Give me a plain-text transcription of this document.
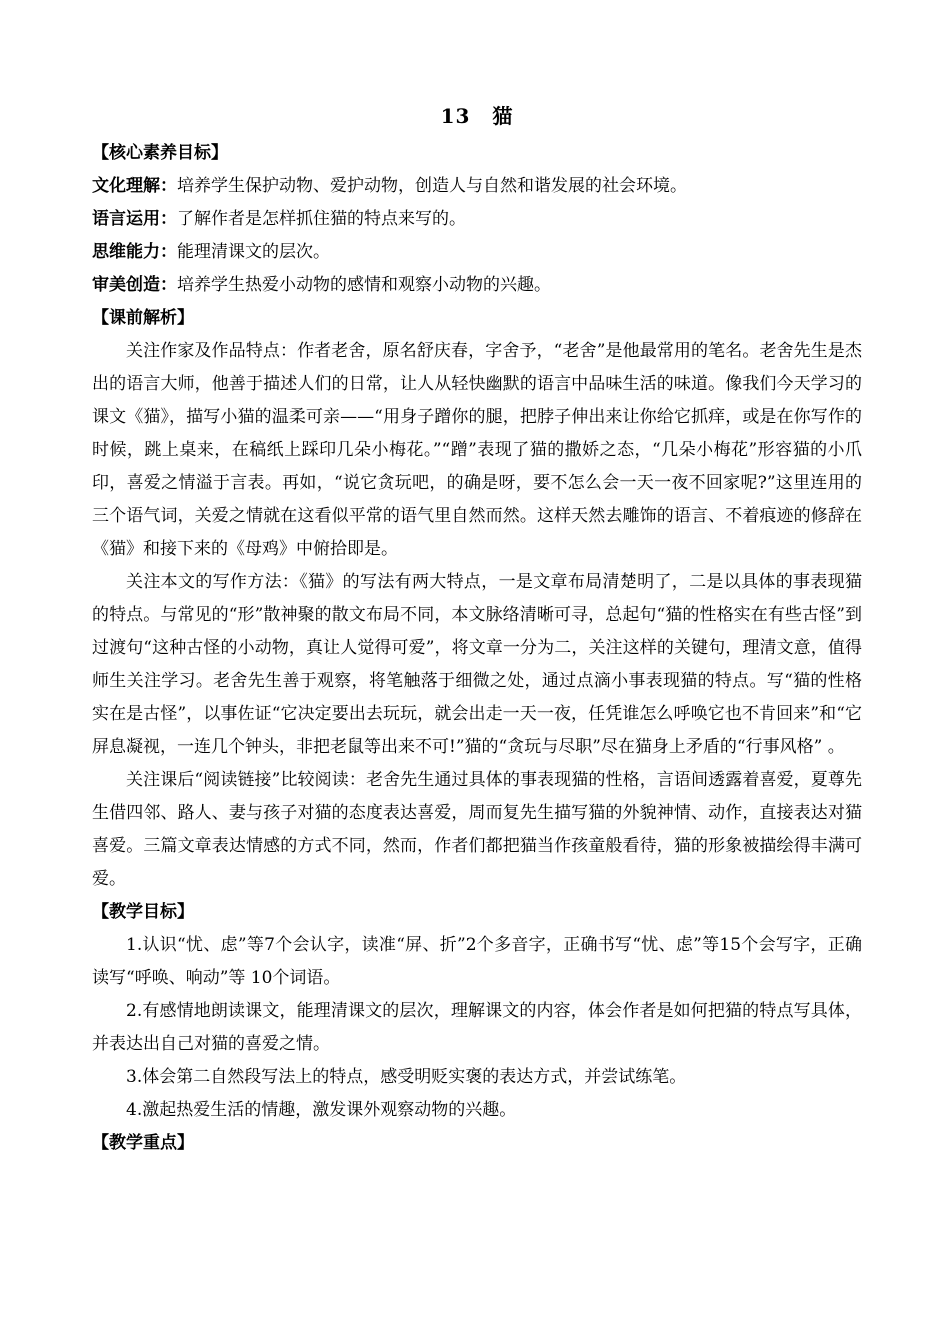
13 猫
【核心素养目标】
文化理解：培养学生保护动物、爱护动物，创造人与自然和谐发展的社会环境。
语言运用：了解作者是怎样抓住猫的特点来写的。
思维能力：能理清课文的层次。
审美创造：培养学生热爱小动物的感情和观察小动物的兴趣。
【课前解析】

关注作家及作品特点：作者老舍，原名舒庆春，字舍予，“老舍”是他最常用的笔名。老舍先生是杰出的语言大师，他善于描述人们的日常，让人从轻快幽默的语言中品味生活的味道。像我们今天学习的课文《猫》，描写小猫的温柔可亲——“用身子蹭你的腿，把脖子伸出来让你给它抓痒，或是在你写作的时候，跳上桌来，在稿纸上踩印几朵小梅花。”“蹭”表现了猫的撒娇之态，“几朵小梅花”形容猫的小爪印，喜爱之情溢于言表。再如，“说它贪玩吧，的确是呀，要不怎么会一天一夜不回家呢?”这里连用的三个语气词，关爱之情就在这看似平常的语气里自然而然。这样天然去雕饰的语言、不着痕迹的修辞在《猫》和接下来的《母鸡》中俯拾即是。

关注本文的写作方法：《猫》的写法有两大特点，一是文章布局清楚明了，二是以具体的事表现猫的特点。与常见的“形”散神聚的散文布局不同，本文脉络清晰可寻，总起句“猫的性格实在有些古怪”到过渡句“这种古怪的小动物，真让人觉得可爱”，将文章一分为二，关注这样的关键句，理清文意，值得师生关注学习。老舍先生善于观察，将笔触落于细微之处，通过点滴小事表现猫的特点。写“猫的性格实在是古怪”，以事佐证“它决定要出去玩玩，就会出走一天一夜，任凭谁怎么呼唤它也不肯回来”和“它屏息凝视，一连几个钟头，非把老鼠等出来不可!”猫的“贪玩与尽职”尽在猫身上矛盾的“行事风格” 。

关注课后“阅读链接”比较阅读：老舍先生通过具体的事表现猫的性格，言语间透露着喜爱，夏尊先生借四邻、路人、妻与孩子对猫的态度表达喜爱，周而复先生描写猫的外貌神情、动作，直接表达对猫喜爱。三篇文章表达情感的方式不同，然而，作者们都把猫当作孩童般看待，猫的形象被描绘得丰满可爱。

【教学目标】

1.认识“忧、虑”等7个会认字，读准“屏、折”2个多音字，正确书写“忧、虑”等15个会写字，正确读写“呼唤、响动”等 10个词语。

2.有感情地朗读课文，能理清课文的层次，理解课文的内容，体会作者是如何把猫的特点写具体，并表达出自己对猫的喜爱之情。

3.体会第二自然段写法上的特点，感受明贬实褒的表达方式，并尝试练笔。

4.激起热爱生活的情趣，激发课外观察动物的兴趣。

【教学重点】
